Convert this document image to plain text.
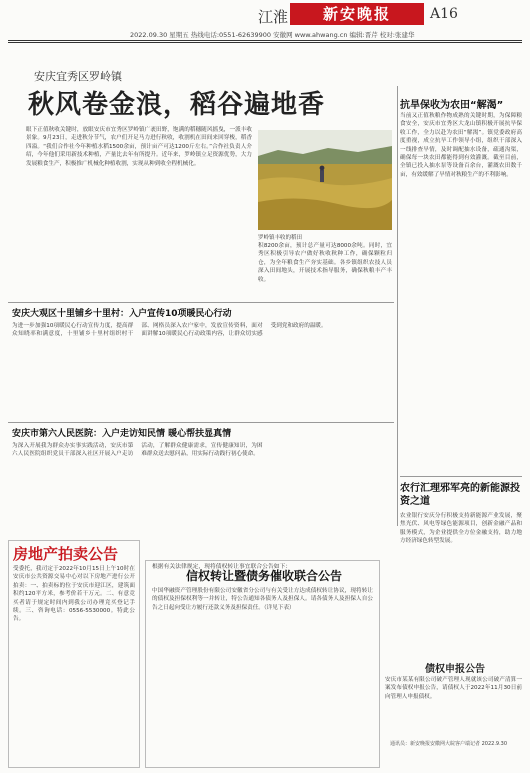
江淮	新安晚报	A16
2022.09.30 星期五 热线电话:0551-62639900 安徽网 www.ahwang.cn 编辑:晋芹 校对:张建华
安庆宜秀区罗岭镇
秋风卷金浪，稻谷遍地香
眼下正值秋收关键时，放眼安庆市宜秀区罗岭镇广袤田野，饱满的稻穗随风摇曳，一派丰收景象。9月23日，走进秋分节气，农户们开足马力进行秋收，收割机在田间来回穿梭，稻香四溢。“我们合作社今年种植水稻1500余亩，预计亩产可达1200斤左右。”合作社负责人介绍，今年他们采用新技术种植，产量比去年有所提升。近年来，罗岭镇立足资源优势，大力发展粮食生产，积极推广机械化种植收割，实现从种到收全程机械化。
罗岭镇丰收的稻田
积8200余亩，预计总产量可达8000余吨。同时，宜秀区积极引导农户做好秋收秋种工作，确保颗粒归仓，为全年粮食生产夯实基础。各乡镇组织农技人员深入田间地头，开展技术指导服务，确保秋粮丰产丰收。
抗旱保收为农田“解渴”
当前又正值秋粮作物成熟的关键时期，为保障粮食安全，安庆市宜秀区大龙山镇积极开展抗旱保收工作，全力以赴为农田“解渴”。镇党委政府高度重视，成立抗旱工作领导小组，组织干部深入一线排查旱情，及时调配抽水设备，疏通沟渠，确保每一块农田都能得到有效灌溉。截至目前，全镇已投入抽水泵等设备百余台，灌溉农田数千亩，有效缓解了旱情对秋粮生产的不利影响。
农行汇理邪军亮的新能源投资之道
农业银行安庆分行积极支持新能源产业发展，聚焦光伏、风电等绿色能源项目，创新金融产品和服务模式，为企业提供全方位金融支持，助力地方经济绿色转型发展。
安庆大观区十里铺乡十里村：入户宣传10项暖民心行动
为进一步加强10项暖民心行动宣传力度，提高群众知晓率和满意度，十里铺乡十里村组织村干部、网格员深入农户家中，发放宣传资料，面对面讲解10项暖民心行动政策内容，让群众切实感受到党和政府的温暖。
安庆市第六人民医院：入户走访知民情 暖心帮扶显真情
为深入开展我为群众办实事实践活动，安庆市第六人民医院组织党员干部深入社区开展入户走访活动，了解群众健康需求，宣传健康知识，为困难群众送去慰问品，用实际行动践行初心使命。
房地产拍卖公告
受委托，我司定于2022年10月15日上午10时在安庆市公共资源交易中心对以下房地产进行公开拍卖：一、拍卖标的位于安庆市迎江区，建筑面积约120平方米，参考价若干万元。二、有意竞买者请于规定时间内到我公司办理竞买登记手续。三、咨询电话：0556-5530000。特此公告。
根据有关法律规定，现将债权转让事宜联合公告如下：
信权转让暨债务催收联合公告
中国华融资产管理股份有限公司安徽省分公司与有关受让方达成债权转让协议，现将转让的债权及担保权利等一并转让，特公告通知各债务人及担保人。请各债务人及担保人自公告之日起向受让方履行还款义务及担保责任。（详见下表）
债权申报公告
安庆市某某有限公司破产管理人现就该公司破产清算一案发布债权申报公告，请债权人于2022年11月30日前向管理人申报债权。
通讯员：新安晚报安徽网大皖客户端记者 2022.9.30
